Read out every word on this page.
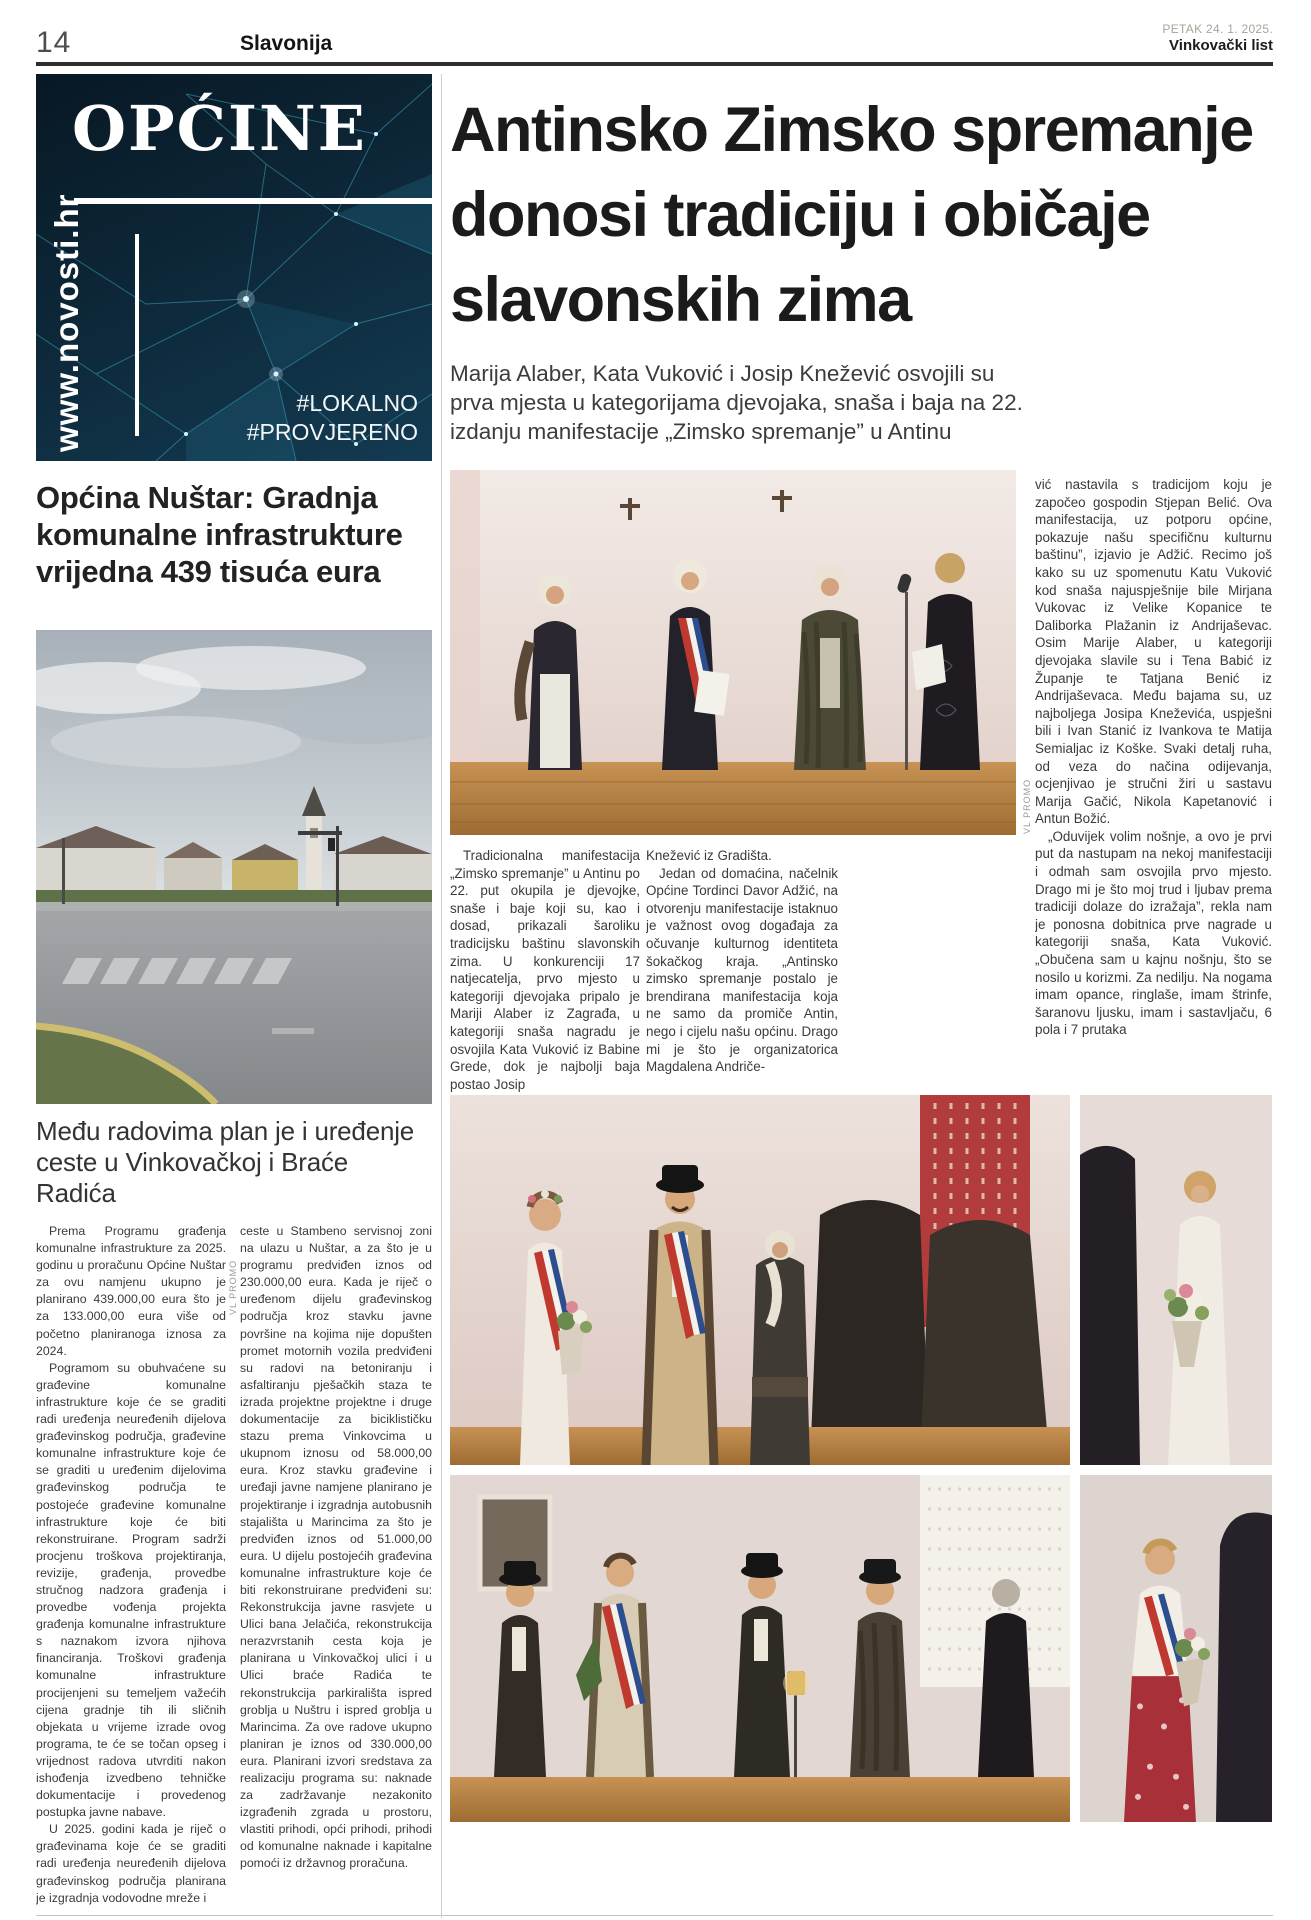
14	Slavonija
PETAK 24. 1. 2025.
Vinkovački list
OPĆINE
www.novosti.hr	#LOKALNO
#PROVJERENO
Općina Nuštar: Gradnja komunalne infrastrukture vrijedna 439 tisuća eura
Među radovima plan je i uređenje ceste u Vinkovačkoj i Braće Radića

Prema Programu građenja komunalne infrastrukture za 2025. godinu u proračunu Općine Nuštar za ovu namjenu ukupno je planirano 439.000,00 eura što je za 133.000,00 eura više od početno planiranoga iznosa za 2024.

Pogramom su obuhvaćene su građevine komunalne infrastrukture koje će se graditi radi uređenja neuređenih dijelova građevinskog područja, građevine komunalne infrastrukture koje će se graditi u uređenim dijelovima građevinskog područja te postojeće građevine komunalne infrastrukture koje će biti rekonstruirane. Program sadrži procjenu troškova projektiranja, revizije, građenja, provedbe stručnog nadzora građenja i provedbe vođenja projekta građenja komunalne infrastrukture s naznakom izvora njihova financiranja. Troškovi građenja komunalne infrastrukture procijenjeni su temeljem važećih cijena gradnje tih ili sličnih objekata u vrijeme izrade ovog programa, te će se točan opseg i vrijednost radova utvrditi nakon ishođenja izvedbeno tehničke dokumentacije i provedenog postupka javne nabave.

U 2025. godini kada je riječ o građevinama koje će se graditi radi uređenja neuređenih dijelova građevinskog područja planirana je izgradnja vodovodne mreže i

ceste u Stambeno servisnoj zoni na ulazu u Nuštar, a za što je u programu predviđen iznos od 230.000,00 eura. Kada je riječ o uređenom dijelu građevinskog područja kroz stavku javne površine na kojima nije dopušten promet motornih vozila predviđeni su radovi na betoniranju i asfaltiranju pješačkih staza te izrada projektne projektne i druge dokumentacije za biciklističku stazu prema Vinkovcima u ukupnom iznosu od 58.000,00 eura. Kroz stavku građevine i uređaji javne namjene planirano je projektiranje i izgradnja autobusnih stajališta u Marincima za što je predviđen iznos od 51.000,00 eura. U dijelu postojećih građevina komunalne infrastrukture koje će biti rekonstruirane predviđeni su: Rekonstrukcija javne rasvjete u Ulici bana Jelačića, rekonstrukcija nerazvrstanih cesta koja je planirana u Vinkovačkoj ulici i u Ulici braće Radića te rekonstrukcija parkirališta ispred groblja u Nuštru i ispred groblja u Marincima. Za ove radove ukupno planiran je iznos od 330.000,00 eura. Planirani izvori sredstava za realizaciju programa su: naknade za zadržavanje nezakonito izgrađenih zgrada u prostoru, vlastiti prihodi, opći prihodi, prihodi od komunalne naknade i kapitalne pomoći iz državnog proračuna.

VL PROMO
Antinsko Zimsko spremanje donosi tradiciju i običaje slavonskih zima

Marija Alaber, Kata Vuković i Josip Knežević osvojili su prva mjesta u kategorijama djevojaka, snaša i baja na 22. izdanju manifestacije „Zimsko spremanje” u Antinu

VL PROMO

Tradicionalna manifestacija „Zimsko spremanje” u Antinu po 22. put okupila je djevojke, snaše i baje koji su, kao i dosad, prikazali šaroliku tradicijsku baštinu slavonskih zima. U konkurenciji 17 natjecatelja, prvo mjesto u kategoriji djevojaka pripalo je Mariji Alaber iz Zagrađa, u kategoriji snaša nagradu je osvojila Kata Vuković iz Babine Grede, dok je najbolji baja postao Josip

Knežević iz Gradišta.

Jedan od domaćina, načelnik Općine Tordinci Davor Adžić, na otvorenju manifestacije istaknuo je važnost ovog događaja za očuvanje kulturnog identiteta šokačkog kraja. „Antinsko zimsko spremanje postalo je brendirana manifestacija koja ne samo da promiče Antin, nego i cijelu našu općinu. Drago mi je što je organizatorica Magdalena Andriče-

vić nastavila s tradicijom koju je započeo gospodin Stjepan Belić. Ova manifestacija, uz potporu općine, pokazuje našu specifičnu kulturnu baštinu”, izjavio je Adžić. Recimo još kako su uz spomenutu Katu Vuković kod snaša najuspješnije bile Mirjana Vukovac iz Velike Kopanice te Daliborka Plažanin iz Andrijaševac. Osim Marije Alaber, u kategoriji djevojaka slavile su i Tena Babić iz Županje te Tatjana Benić iz Andrijaševaca. Među bajama su, uz najboljega Josipa Kneževića, uspješni bili i Ivan Stanić iz Ivankova te Matija Semialjac iz Koške. Svaki detalj ruha, od veza do načina odijevanja, ocjenjivao je stručni žiri u sastavu Marija Gačić, Nikola Kapetanović i Antun Božić.

„Oduvijek volim nošnje, a ovo je prvi put da nastupam na nekoj manifestaciji i odmah sam osvojila prvo mjesto. Drago mi je što moj trud i ljubav prema tradiciji dolaze do izražaja”, rekla nam je ponosna dobitnica prve nagrade u kategoriji snaša, Kata Vuković. „Obučena sam u kajnu nošnju, što se nosilo u korizmi. Za nedilju. Na nogama imam opance, ringlaše, imam štrinfe, šaranovu ljusku, imam i sastavljaču, 6 pola i 7 prutaka
